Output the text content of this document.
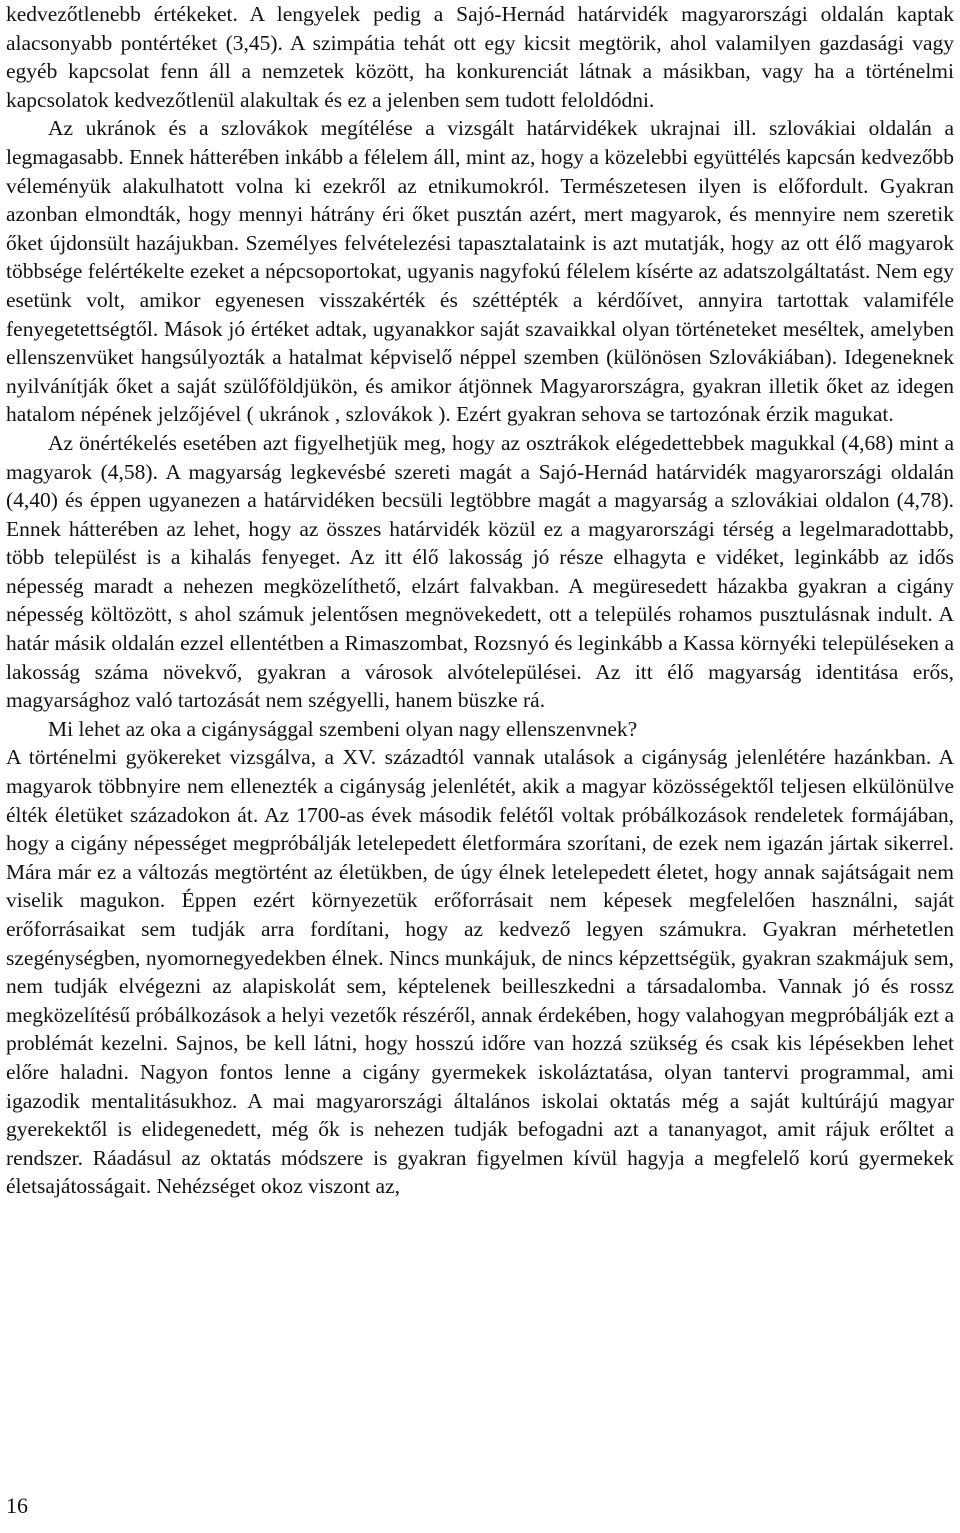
kedvezőtlenebb értékeket. A lengyelek pedig a Sajó-Hernád határvidék magyarországi oldalán kaptak alacsonyabb pontértéket (3,45). A szimpátia tehát ott egy kicsit megtörik, ahol valamilyen gazdasági vagy egyéb kapcsolat fenn áll a nemzetek között, ha konkurenciát látnak a másikban, vagy ha a történelmi kapcsolatok kedvezőtlenül alakultak és ez a jelenben sem tudott feloldódni.

Az ukránok és a szlovákok megítélése a vizsgált határvidékek ukrajnai ill. szlovákiai oldalán a legmagasabb. Ennek hátterében inkább a félelem áll, mint az, hogy a közelebbi együttélés kapcsán kedvezőbb véleményük alakulhatott volna ki ezekről az etnikumokról. Természetesen ilyen is előfordult. Gyakran azonban elmondták, hogy mennyi hátrány éri őket pusztán azért, mert magyarok, és mennyire nem szeretik őket újdonsült hazájukban. Személyes felvételezési tapasztalataink is azt mutatják, hogy az ott élő magyarok többsége felértékelte ezeket a népcsoportokat, ugyanis nagyfokú félelem kísérte az adatszolgáltatást. Nem egy esetünk volt, amikor egyenesen visszakérték és széttépték a kérdőívet, annyira tartottak valamiféle fenyegetettségtől. Mások jó értéket adtak, ugyanakkor saját szavaikkal olyan történeteket meséltek, amelyben ellenszenvüket hangsúlyozták a hatalmat képviselő néppel szemben (különösen Szlovákiában). Idegeneknek nyilvánítják őket a saját szülőföldjükön, és amikor átjönnek Magyarországra, gyakran illetik őket az idegen hatalom népének jelzőjével ( ukránok , szlovákok ). Ezért gyakran sehova se tartozónak érzik magukat.

Az önértékelés esetében azt figyelhetjük meg, hogy az osztrákok elégedettebbek magukkal (4,68) mint a magyarok (4,58). A magyarság legkevésbé szereti magát a Sajó-Hernád határvidék magyarországi oldalán (4,40) és éppen ugyanezen a határvidéken becsüli legtöbbre magát a magyarság a szlovákiai oldalon (4,78). Ennek hátterében az lehet, hogy az összes határvidék közül ez a magyarországi térség a legelmaradottabb, több települést is a kihalás fenyeget. Az itt élő lakosság jó része elhagyta e vidéket, leginkább az idős népesség maradt a nehezen megközelíthető, elzárt falvakban. A megüresedett házakba gyakran a cigány népesség költözött, s ahol számuk jelentősen megnövekedett, ott a település rohamos pusztulásnak indult. A határ másik oldalán ezzel ellentétben a Rimaszombat, Rozsnyó és leginkább a Kassa környéki településeken a lakosság száma növekvő, gyakran a városok alvótelepülései. Az itt élő magyarság identitása erős, magyarsághoz való tartozását nem szégyelli, hanem büszke rá.

Mi lehet az oka a cigánysággal szembeni olyan nagy ellenszenvnek?

A történelmi gyökereket vizsgálva, a XV. századtól vannak utalások a cigányság jelenlétére hazánkban. A magyarok többnyire nem ellenezték a cigányság jelenlétét, akik a magyar közösségektől teljesen elkülönülve élték életüket századokon át. Az 1700-as évek második felétől voltak próbálkozások rendeletek formájában, hogy a cigány népességet megpróbálják letelepedett életformára szorítani, de ezek nem igazán jártak sikerrel. Mára már ez a változás megtörtént az életükben, de úgy élnek letelepedett életet, hogy annak sajátságait nem viselik magukon. Éppen ezért környezetük erőforrásait nem képesek megfelelően használni, saját erőforrásaikat sem tudják arra fordítani, hogy az kedvező legyen számukra. Gyakran mérhetetlen szegénységben, nyomornegyedekben élnek. Nincs munkájuk, de nincs képzettségük, gyakran szakmájuk sem, nem tudják elvégezni az alapiskolát sem, képtelenek beilleszkedni a társadalomba. Vannak jó és rossz megközelítésű próbálkozások a helyi vezetők részéről, annak érdekében, hogy valahogyan megpróbálják ezt a problémát kezelni. Sajnos, be kell látni, hogy hosszú időre van hozzá szükség és csak kis lépésekben lehet előre haladni. Nagyon fontos lenne a cigány gyermekek iskoláztatása, olyan tantervi programmal, ami igazodik mentalitásukhoz. A mai magyarországi általános iskolai oktatás még a saját kultúrájú magyar gyerekektől is elidegenedett, még ők is nehezen tudják befogadni azt a tananyagot, amit rájuk erőltet a rendszer. Ráadásul az oktatás módszere is gyakran figyelmen kívül hagyja a megfelelő korú gyermekek életsajátosságait. Nehézséget okoz viszont az,

16
